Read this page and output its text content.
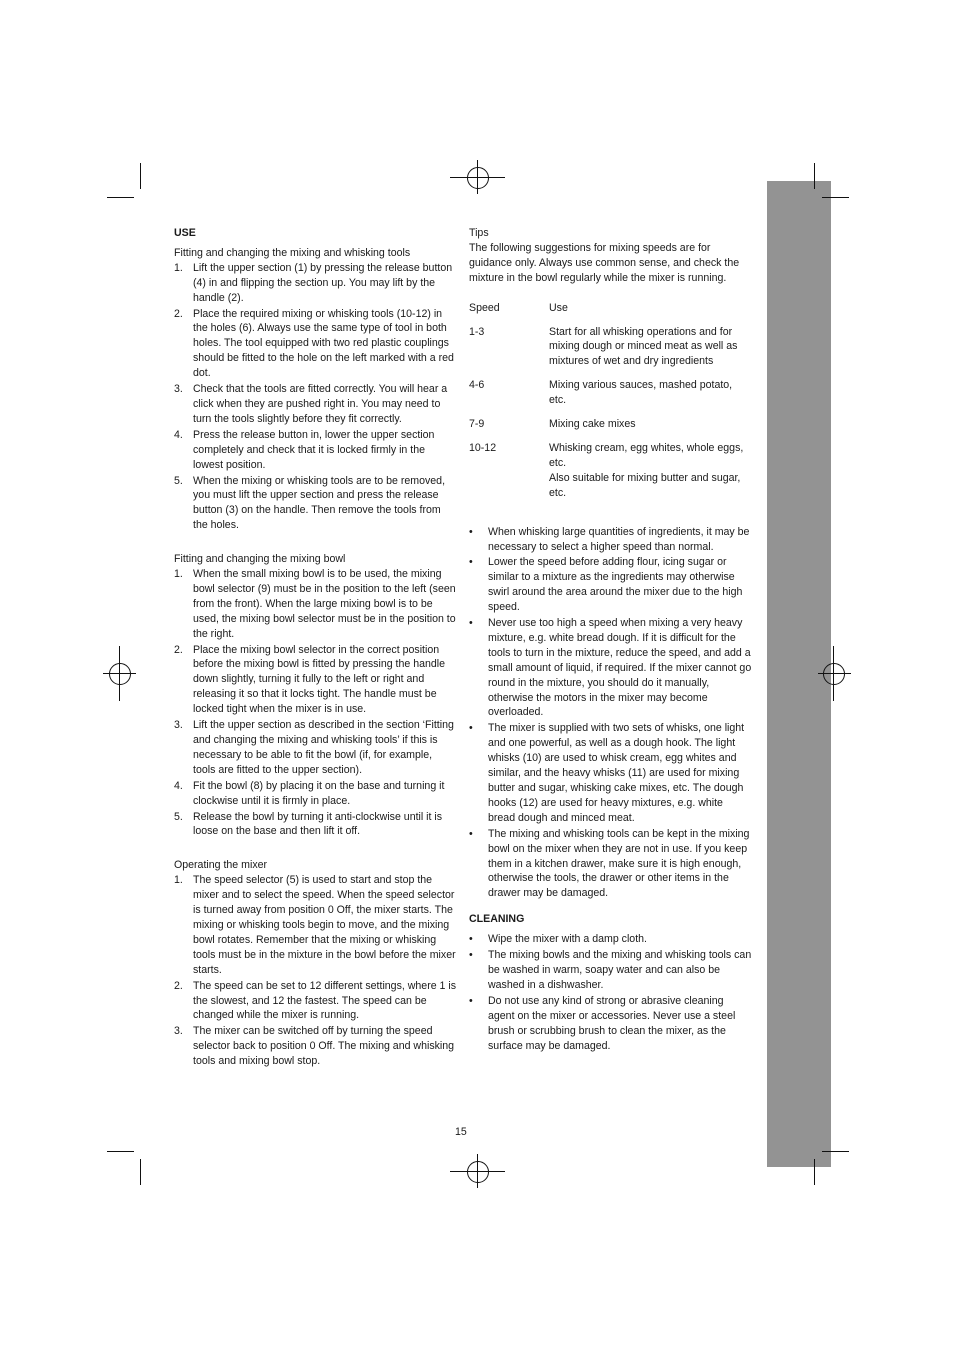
USE

Fitting and changing the mixing and whisking tools

1. Lift the upper section (1) by pressing the release button (4) in and flipping the section up. You may lift by the handle (2).
2. Place the required mixing or whisking tools (10-12) in the holes (6). Always use the same type of tool in both holes. The tool equipped with two red plastic couplings should be fitted to the hole on the left marked with a red dot.
3. Check that the tools are fitted correctly. You will hear a click when they are pushed right in. You may need to turn the tools slightly before they fit correctly.
4. Press the release button in, lower the upper section completely and check that it is locked firmly in the lowest position.
5. When the mixing or whisking tools are to be removed, you must lift the upper section and press the release button (3) on the handle. Then remove the tools from the holes.

Fitting and changing the mixing bowl

1. When the small mixing bowl is to be used, the mixing bowl selector (9) must be in the position to the left (seen from the front). When the large mixing bowl is to be used, the mixing bowl selector must be in the position to the right.
2. Place the mixing bowl selector in the correct position before the mixing bowl is fitted by pressing the handle down slightly, turning it fully to the left or right and releasing it so that it locks tight. The handle must be locked tight when the mixer is in use.
3. Lift the upper section as described in the section ‘Fitting and changing the mixing and whisking tools’ if this is necessary to be able to fit the bowl (if, for example, tools are fitted to the upper section).
4. Fit the bowl (8) by placing it on the base and turning it clockwise until it is firmly in place.
5. Release the bowl by turning it anti-clockwise until it is loose on the base and then lift it off.

Operating the mixer

1. The speed selector (5) is used to start and stop the mixer and to select the speed. When the speed selector is turned away from position 0 Off, the mixer starts. The mixing or whisking tools begin to move, and the mixing bowl rotates. Remember that the mixing or whisking tools must be in the mixture in the bowl before the mixer starts.
2. The speed can be set to 12 different settings, where 1 is the slowest, and 12 the fastest. The speed can be changed while the mixer is running.
3. The mixer can be switched off by turning the speed selector back to position 0 Off. The mixing and whisking tools and mixing bowl stop.

Tips

The following suggestions for mixing speeds are for guidance only. Always use common sense, and check the mixture in the bowl regularly while the mixer is running.

Speed	Use
1-3	Start for all whisking operations and for mixing dough or minced meat as well as mixtures of wet and dry ingredients
4-6	Mixing various sauces, mashed potato, etc.
7-9	Mixing cake mixes
10-12	Whisking cream, egg whites, whole eggs, etc.
Also suitable for mixing butter and sugar, etc.
• When whisking large quantities of ingredients, it may be necessary to select a higher speed than normal.
• Lower the speed before adding flour, icing sugar or similar to a mixture as the ingredients may otherwise swirl around the area around the mixer due to the high speed.
• Never use too high a speed when mixing a very heavy mixture, e.g. white bread dough. If it is difficult for the tools to turn in the mixture, reduce the speed, and add a small amount of liquid, if required. If the mixer cannot go round in the mixture, you should do it manually, otherwise the motors in the mixer may become overloaded.
• The mixer is supplied with two sets of whisks, one light and one powerful, as well as a dough hook. The light whisks (10) are used to whisk cream, egg whites and similar, and the heavy whisks (11) are used for mixing butter and sugar, whisking cake mixes, etc. The dough hooks (12) are used for heavy mixtures, e.g. white bread dough and minced meat.
• The mixing and whisking tools can be kept in the mixing bowl on the mixer when they are not in use. If you keep them in a kitchen drawer, make sure it is high enough, otherwise the tools, the drawer or other items in the drawer may be damaged.

CLEANING

• Wipe the mixer with a damp cloth.
• The mixing bowls and the mixing and whisking tools can be washed in warm, soapy water and can also be washed in a dishwasher.
• Do not use any kind of strong or abrasive cleaning agent on the mixer or accessories. Never use a steel brush or scrubbing brush to clean the mixer, as the surface may be damaged.
15
